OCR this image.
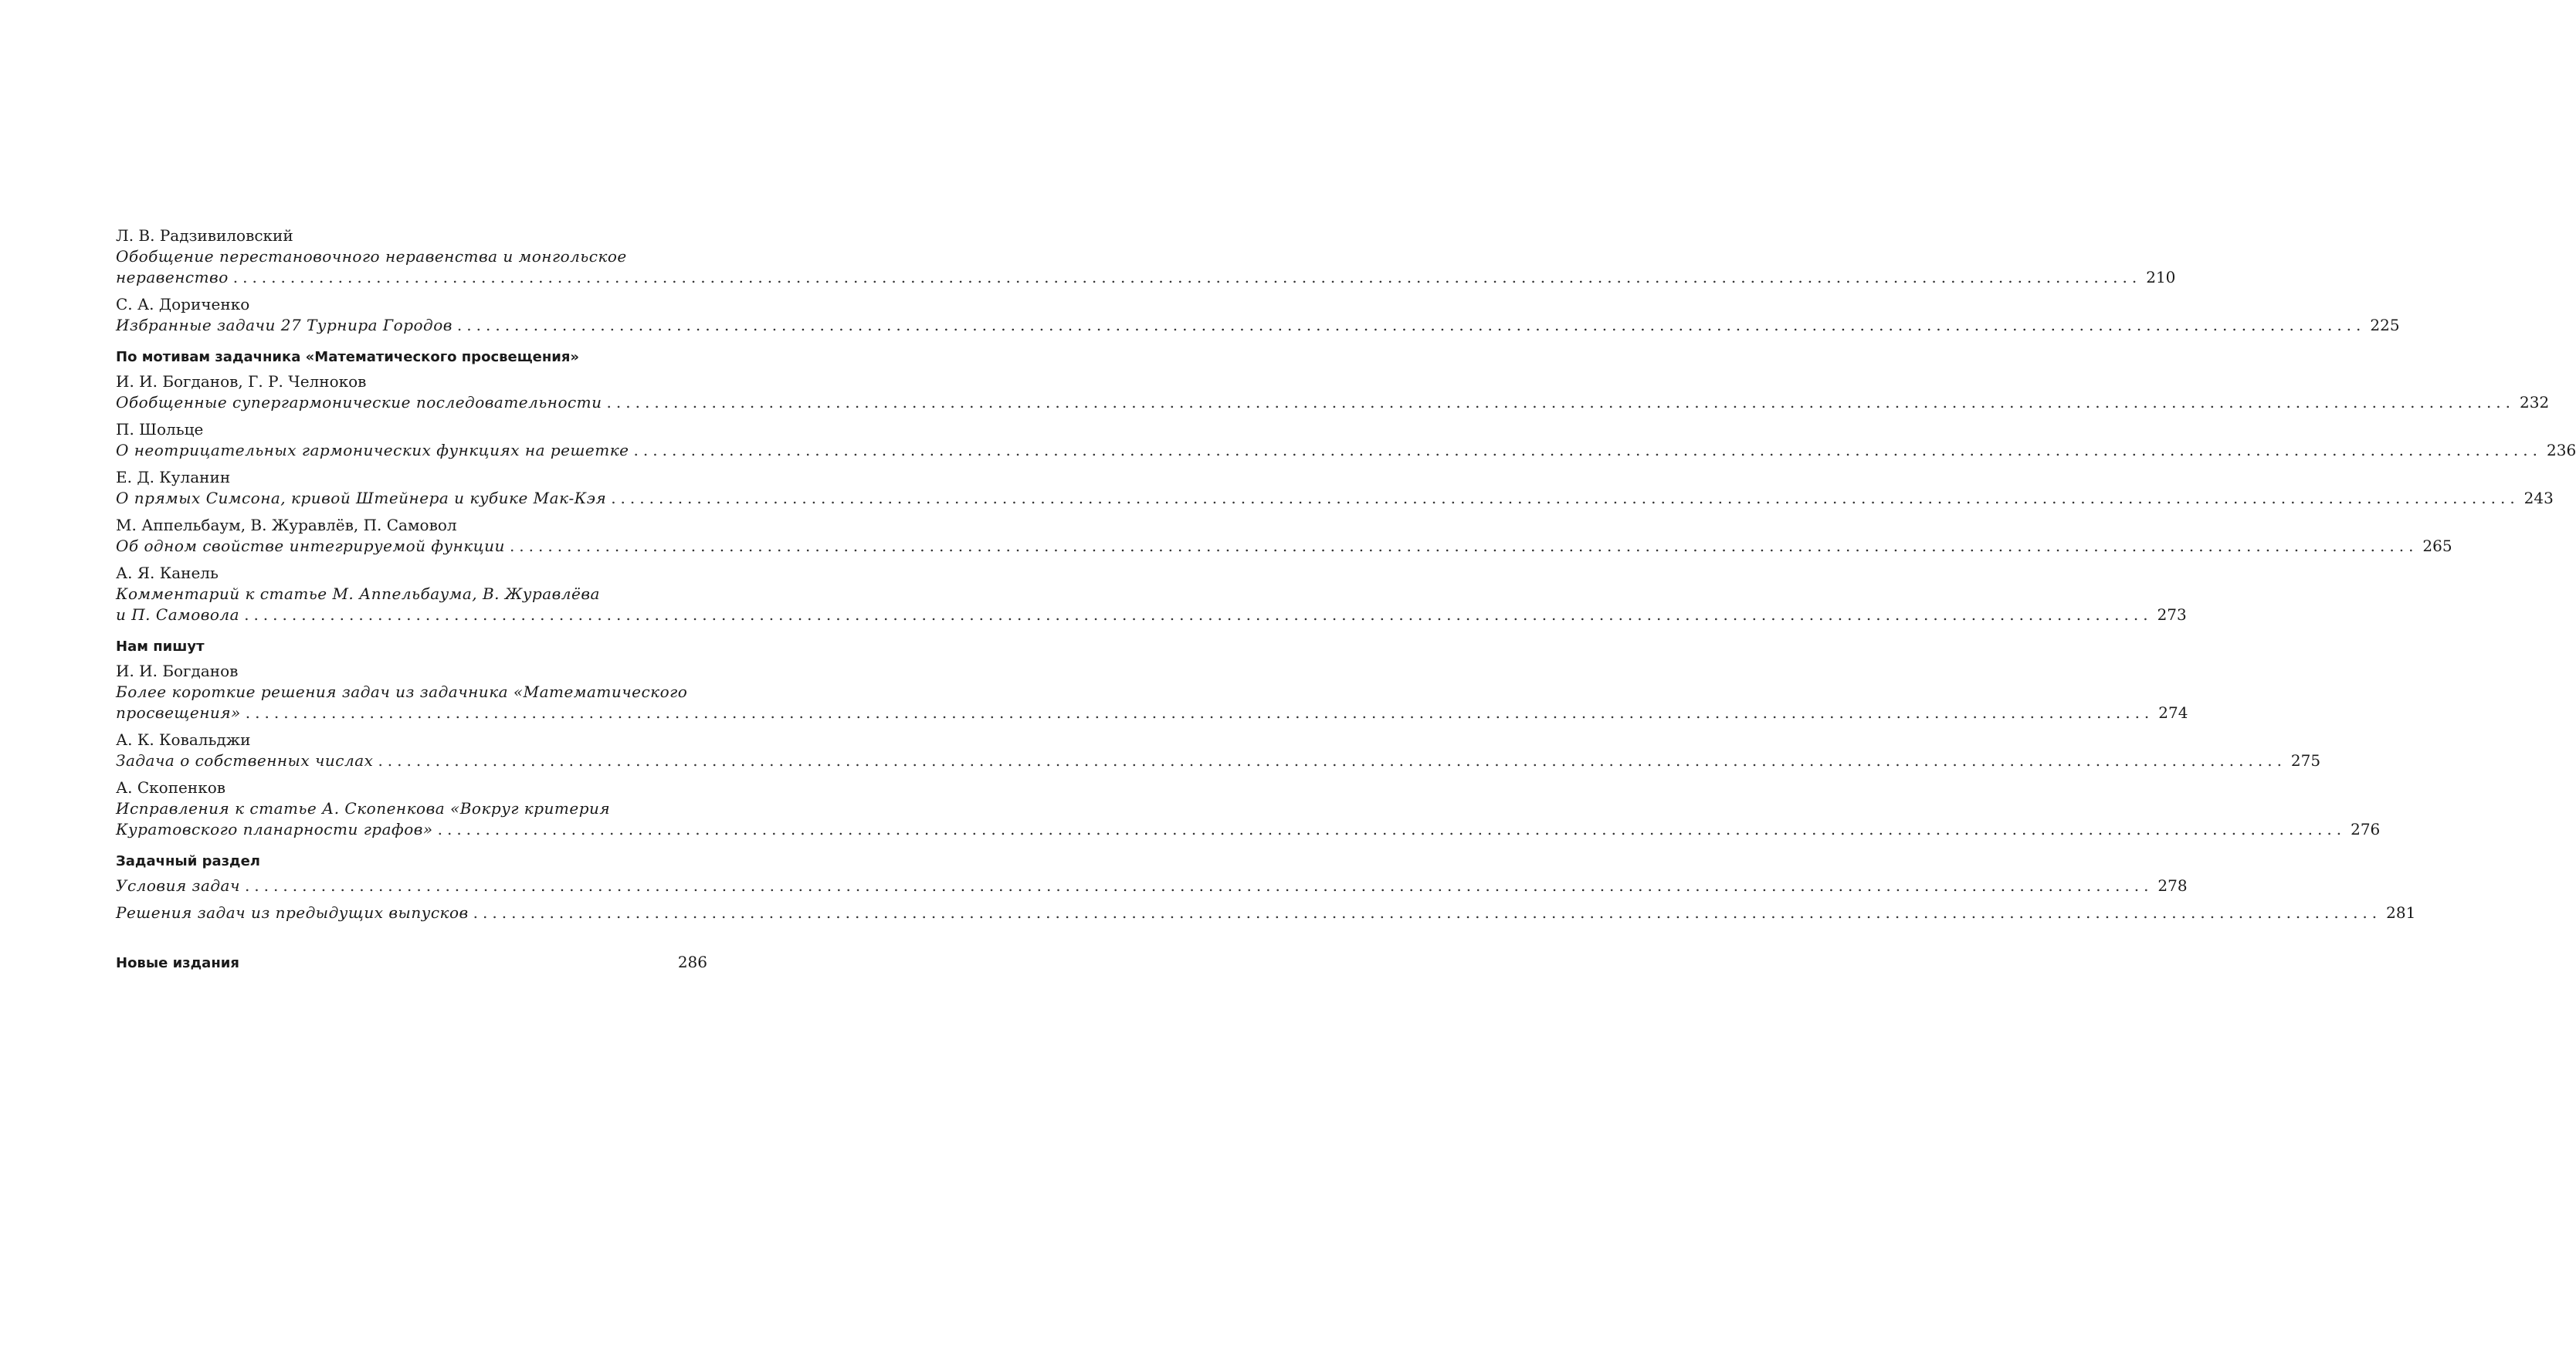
Л. В. Радзивиловский
Обобщение перестановочного неравенства и монгольское
неравенство ........................................................................................................................................................................................................ 210
С. А. Дориченко
Избранные задачи 27 Турнира Городов ........................................................................................................................................................................................................ 225
По мотивам задачника «Математического просвещения»
И. И. Богданов, Г. Р. Челноков
Обобщенные супергармонические последовательности ........................................................................................................................................................................................................ 232
П. Шольце
О неотрицательных гармонических функциях на решетке ........................................................................................................................................................................................................ 236
Е. Д. Куланин
О прямых Симсона, кривой Штейнера и кубике Мак-Кэя ........................................................................................................................................................................................................ 243
М. Аппельбаум, В. Журавлёв, П. Самовол
Об одном свойстве интегрируемой функции ........................................................................................................................................................................................................ 265
А. Я. Канель
Комментарий к статье М. Аппельбаума, В. Журавлёва
и П. Самовола ........................................................................................................................................................................................................ 273
Нам пишут
И. И. Богданов
Более короткие решения задач из задачника «Математического
просвещения» ........................................................................................................................................................................................................ 274
А. К. Ковальджи
Задача о собственных числах ........................................................................................................................................................................................................ 275
А. Скопенков
Исправления к статье А. Скопенкова «Вокруг критерия
Куратовского планарности графов» ........................................................................................................................................................................................................ 276
Задачный раздел
Условия задач ........................................................................................................................................................................................................ 278
Решения задач из предыдущих выпусков ........................................................................................................................................................................................................ 281
Новые издания	286
